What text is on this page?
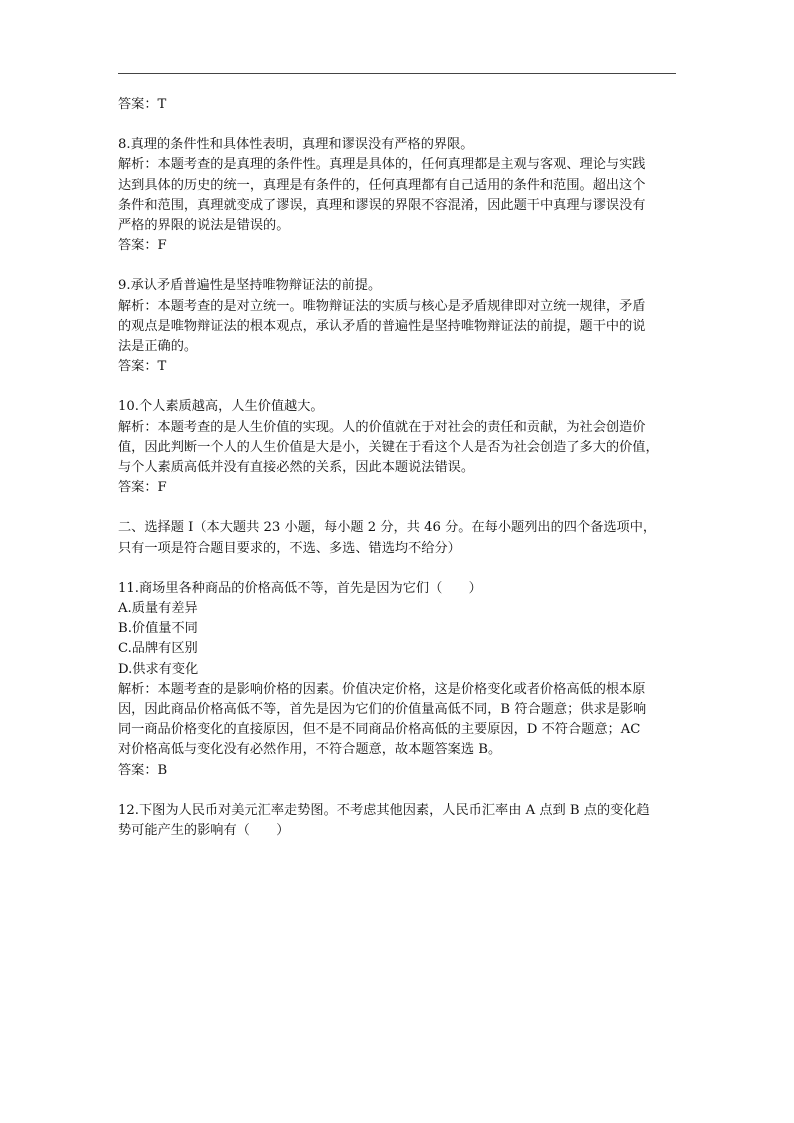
答案：T

8.真理的条件性和具体性表明，真理和谬误没有严格的界限。
解析：本题考查的是真理的条件性。真理是具体的，任何真理都是主观与客观、理论与实践
达到具体的历史的统一，真理是有条件的，任何真理都有自己适用的条件和范围。超出这个
条件和范围，真理就变成了谬误，真理和谬误的界限不容混淆，因此题干中真理与谬误没有
严格的界限的说法是错误的。
答案：F
9.承认矛盾普遍性是坚持唯物辩证法的前提。
解析：本题考查的是对立统一。唯物辩证法的实质与核心是矛盾规律即对立统一规律，矛盾
的观点是唯物辩证法的根本观点，承认矛盾的普遍性是坚持唯物辩证法的前提，题干中的说
法是正确的。
答案：T
10.个人素质越高，人生价值越大。
解析：本题考查的是人生价值的实现。人的价值就在于对社会的责任和贡献，为社会创造价
值，因此判断一个人的人生价值是大是小，关键在于看这个人是否为社会创造了多大的价值，
与个人素质高低并没有直接必然的关系，因此本题说法错误。
答案：F
二、选择题 I（本大题共 23 小题，每小题 2 分，共 46 分。在每小题列出的四个备选项中，
只有一项是符合题目要求的，不选、多选、错选均不给分）
11.商场里各种商品的价格高低不等，首先是因为它们（　　）
A.质量有差异
B.价值量不同
C.品牌有区别
D.供求有变化
解析：本题考查的是影响价格的因素。价值决定价格，这是价格变化或者价格高低的根本原
因，因此商品价格高低不等，首先是因为它们的价值量高低不同，B 符合题意；供求是影响
同一商品价格变化的直接原因，但不是不同商品价格高低的主要原因，D 不符合题意；AC
对价格高低与变化没有必然作用，不符合题意，故本题答案选 B。
答案：B
12.下图为人民币对美元汇率走势图。不考虑其他因素，人民币汇率由 A 点到 B 点的变化趋
势可能产生的影响有（　　）
